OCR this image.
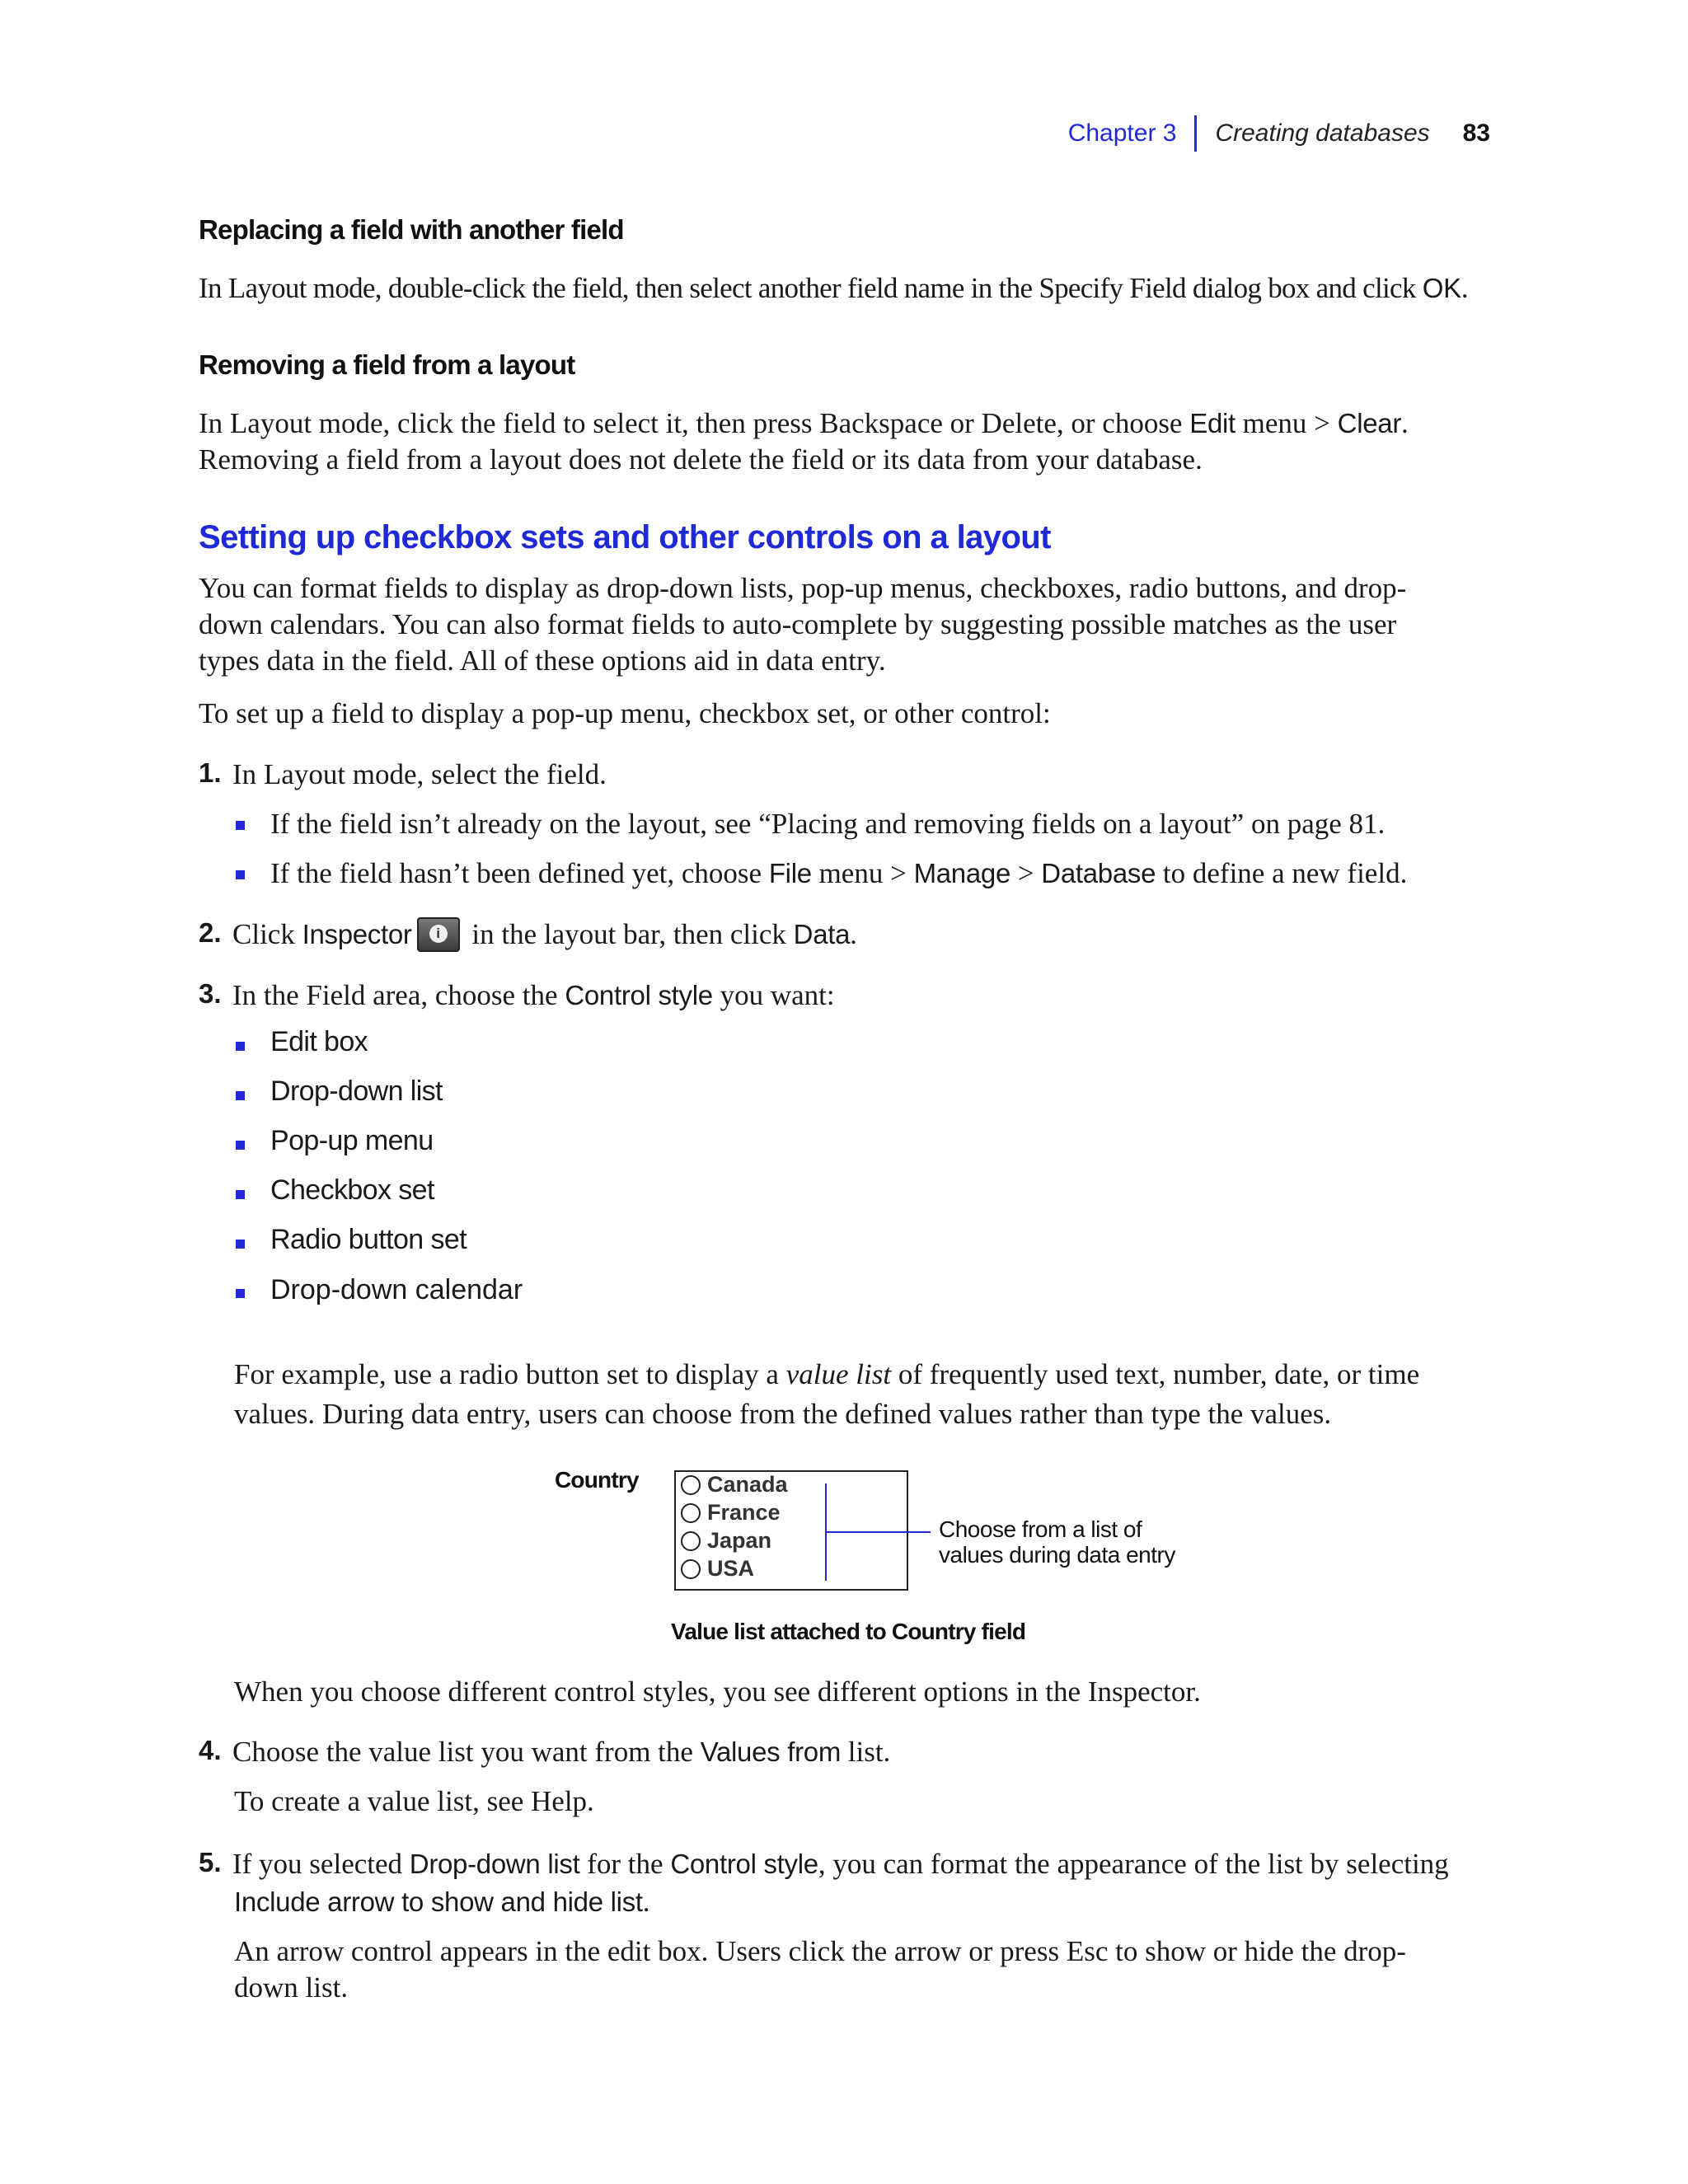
Chapter 3 Creating databases 83
Replacing a field with another field
In Layout mode, double-click the field, then select another field name in the Specify Field dialog box and click OK.
Removing a field from a layout
In Layout mode, click the field to select it, then press Backspace or Delete, or choose Edit menu > Clear.
Removing a field from a layout does not delete the field or its data from your database.
Setting up checkbox sets and other controls on a layout
You can format fields to display as drop-down lists, pop-up menus, checkboxes, radio buttons, and drop-
down calendars. You can also format fields to auto-complete by suggesting possible matches as the user
types data in the field. All of these options aid in data entry.
To set up a field to display a pop-up menu, checkbox set, or other control:
1. In Layout mode, select the field.
If the field isn’t already on the layout, see “Placing and removing fields on a layout” on page 81.
If the field hasn’t been defined yet, choose File menu > Manage > Database to define a new field.
2. Click Inspector	i in the layout bar, then click Data.
3. In the Field area, choose the Control style you want:
Edit box
Drop-down list
Pop-up menu
Checkbox set
Radio button set
Drop-down calendar
For example, use a radio button set to display a value list of frequently used text, number, date, or time
values. During data entry, users can choose from the defined values rather than type the values.
Country	Canada
France
Japan
USA
Choose from a list of
values during data entry
Value list attached to Country field
When you choose different control styles, you see different options in the Inspector.
4. Choose the value list you want from the Values from list.
To create a value list, see Help.
5. If you selected Drop-down list for the Control style, you can format the appearance of the list by selecting
Include arrow to show and hide list.
An arrow control appears in the edit box. Users click the arrow or press Esc to show or hide the drop-
down list.
